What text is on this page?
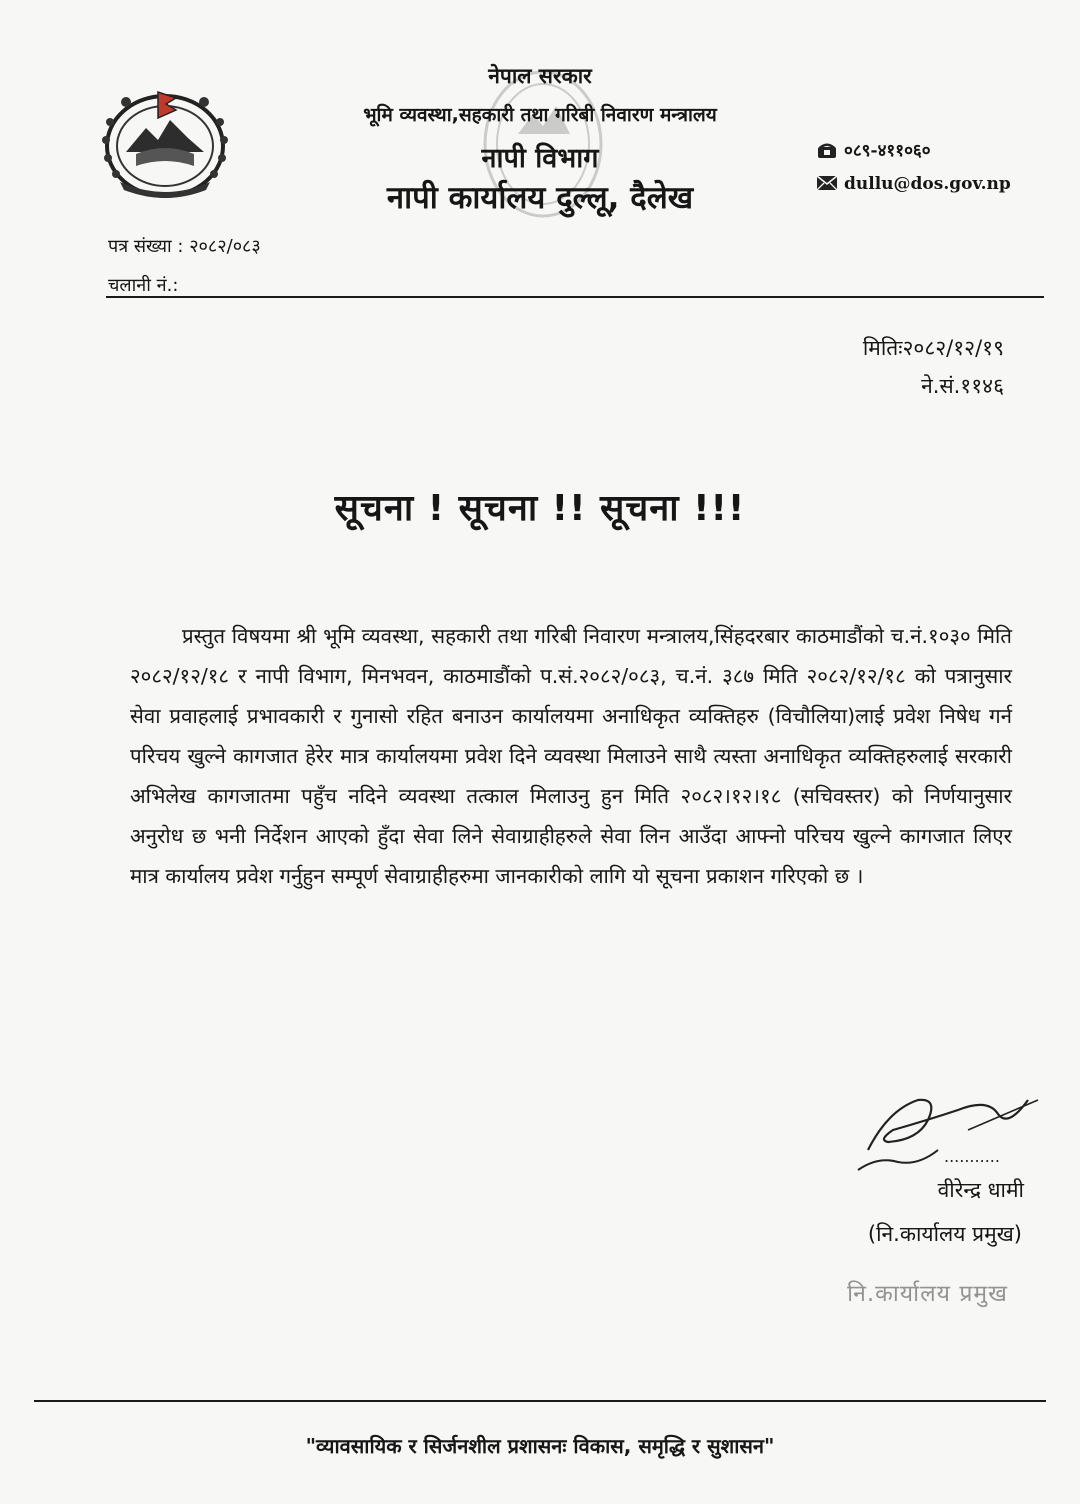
नेपाल सरकार
भूमि व्यवस्था,सहकारी तथा गरिबी निवारण मन्त्रालय
नापी विभाग
नापी कार्यालय दुल्लू, दैलेख
०८९-४११०६०
dullu@dos.gov.np
पत्र संख्या : २०८२/०८३
चलानी नं.:
मितिः२०८२/१२/१९
ने.सं.११४६
सूचना ! सूचना !! सूचना !!!
प्रस्तुत विषयमा श्री भूमि व्यवस्था, सहकारी तथा गरिबी निवारण मन्त्रालय,सिंहदरबार काठमाडौंको च.नं.१०३० मिति २०८२/१२/१८ र नापी विभाग, मिनभवन, काठमाडौंको प.सं.२०८२/०८३, च.नं. ३८७ मिति २०८२/१२/१८ को पत्रानुसार सेवा प्रवाहलाई प्रभावकारी र गुनासो रहित बनाउन कार्यालयमा अनाधिकृत व्यक्तिहरु (विचौलिया)लाई प्रवेश निषेध गर्न परिचय खुल्ने कागजात हेरेर मात्र कार्यालयमा प्रवेश दिने व्यवस्था मिलाउने साथै त्यस्ता अनाधिकृत व्यक्तिहरुलाई सरकारी अभिलेख कागजातमा पहुँच नदिने व्यवस्था तत्काल मिलाउनु हुन मिति २०८२।१२।१८ (सचिवस्तर) को निर्णयानुसार अनुरोध छ भनी निर्देशन आएको हुँदा सेवा लिने सेवाग्राहीहरुले सेवा लिन आउँदा आफ्नो परिचय खुल्ने कागजात लिएर मात्र कार्यालय प्रवेश गर्नुहुन सम्पूर्ण सेवाग्राहीहरुमा जानकारीको लागि यो सूचना प्रकाशन गरिएको छ ।
...........
वीरेन्द्र धामी
(नि.कार्यालय प्रमुख)
नि.कार्यालय प्रमुख
"व्यावसायिक र सिर्जनशील प्रशासनः विकास, समृद्धि र सुशासन"
